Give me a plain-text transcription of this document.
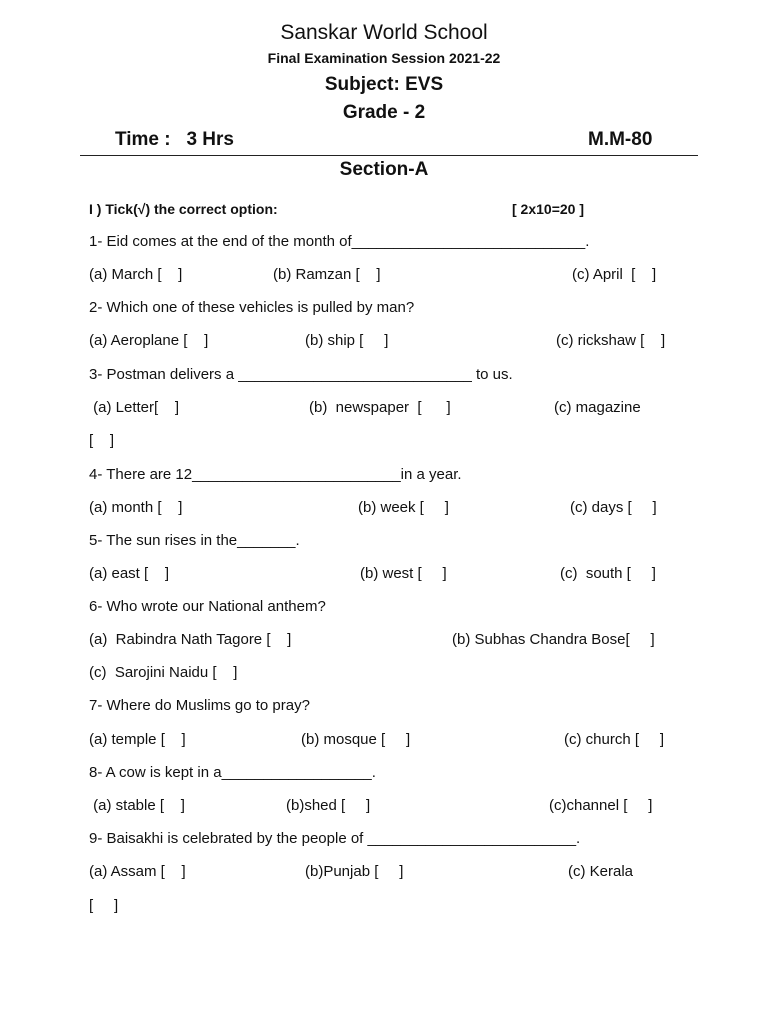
Sanskar World School
Final Examination Session 2021-22
Subject: EVS
Grade - 2
Time :   3 Hrs	M.M-80
Section-A
I ) Tick(√) the correct option:	[ 2x10=20 ]
1- Eid comes at the end of the month of____________________________.
(a) March [    ]	(b) Ramzan [    ]	(c) April  [    ]
2- Which one of these vehicles is pulled by man?
(a) Aeroplane [    ]	(b) ship [     ]	(c) rickshaw [    ]
3- Postman delivers a ____________________________ to us.
(a) Letter[    ]	(b)  newspaper  [      ]	(c) magazine
[    ]
4- There are 12_________________________in a year.
(a) month [    ]	(b) week [     ]	(c) days [     ]
5- The sun rises in the_______.
(a) east [    ]	(b) west [     ]	(c)  south [     ]
6- Who wrote our National anthem?
(a)  Rabindra Nath Tagore [    ]	(b) Subhas Chandra Bose[     ]
(c)  Sarojini Naidu [    ]
7- Where do Muslims go to pray?
(a) temple [    ]	(b) mosque [     ]	(c) church [     ]
8- A cow is kept in a__________________.
(a) stable [    ]	(b)shed [     ]	(c)channel [     ]
9- Baisakhi is celebrated by the people of _________________________.
(a) Assam [    ]	(b)Punjab [     ]	(c) Kerala
[     ]
